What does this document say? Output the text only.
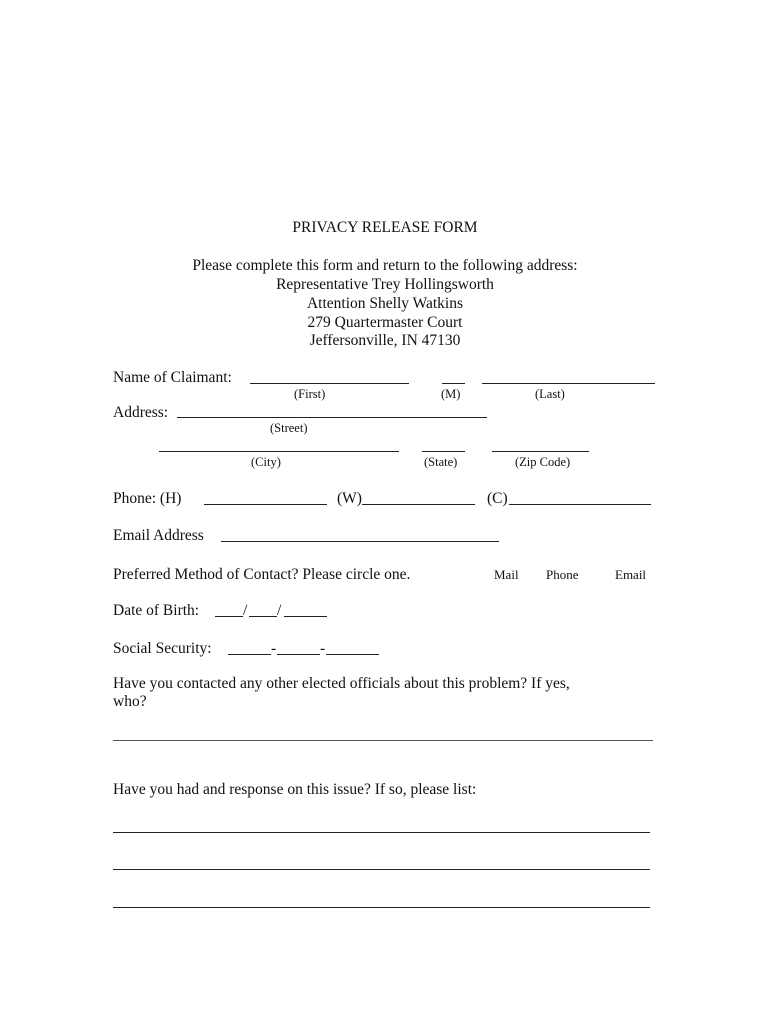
PRIVACY RELEASE FORM
Please complete this form and return to the following address:
Representative Trey Hollingsworth
Attention Shelly Watkins
279 Quartermaster Court
Jeffersonville, IN 47130
Name of Claimant:
(First)	(M)	(Last)
Address:
(Street)
(City)	(State)	(Zip Code)
Phone: (H)	(W)	(C)
Email Address
Preferred Method of Contact? Please circle one.	Mail Phone	Email
Date of Birth:	/ /
Social Security:	-	-
Have you contacted any other elected officials about this problem? If yes,
who?
Have you had and response on this issue? If so, please list:
